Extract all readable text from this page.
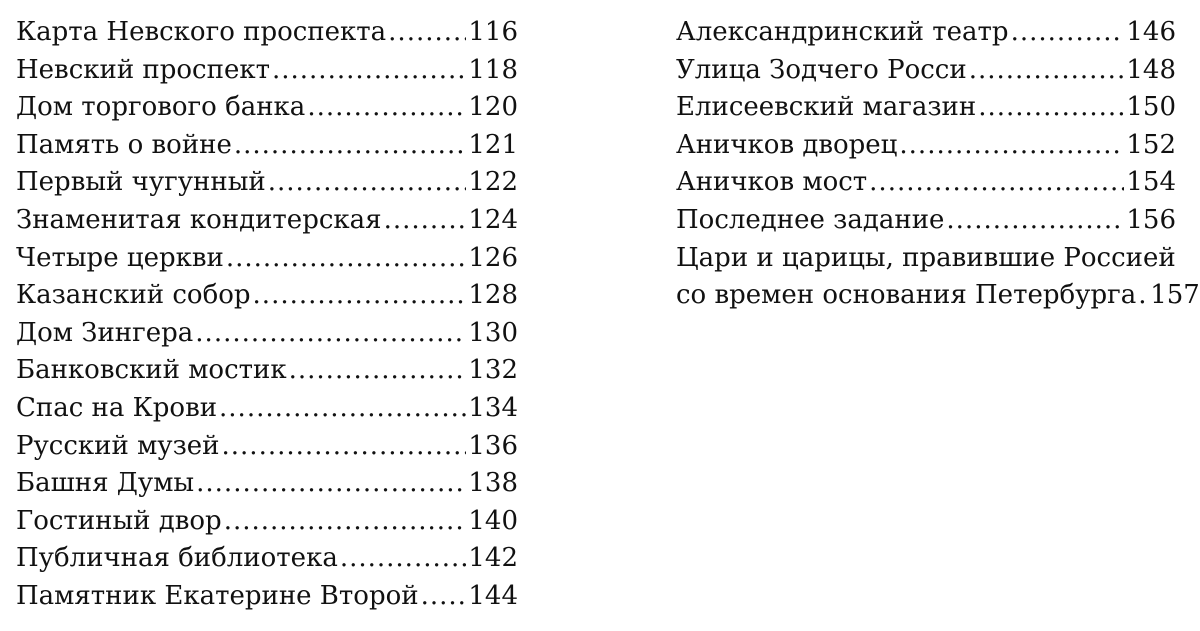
Карта Невского проспекта .....	116
Невский проспект .....	118
Дом торгового банка .....	120
Память о войне .....	121
Первый чугунный .....	122
Знаменитая кондитерская .....	124
Четыре церкви .....	126
Казанский собор .....	128
Дом Зингера .....	130
Банковский мостик .....	132
Спас на Крови .....	134
Русский музей .....	136
Башня Думы .....	138
Гостиный двор .....	140
Публичная библиотека .....	142
Памятник Екатерине Второй ..... 144
Александринский театр .....	146
Улица Зодчего Росси .....	148
Елисеевский магазин .....	150
Аничков дворец .....	152
Аничков мост .....	154
Последнее задание .....	156
Цари и царицы, правившие Россией
со времен основания Петербурга ..... 157
